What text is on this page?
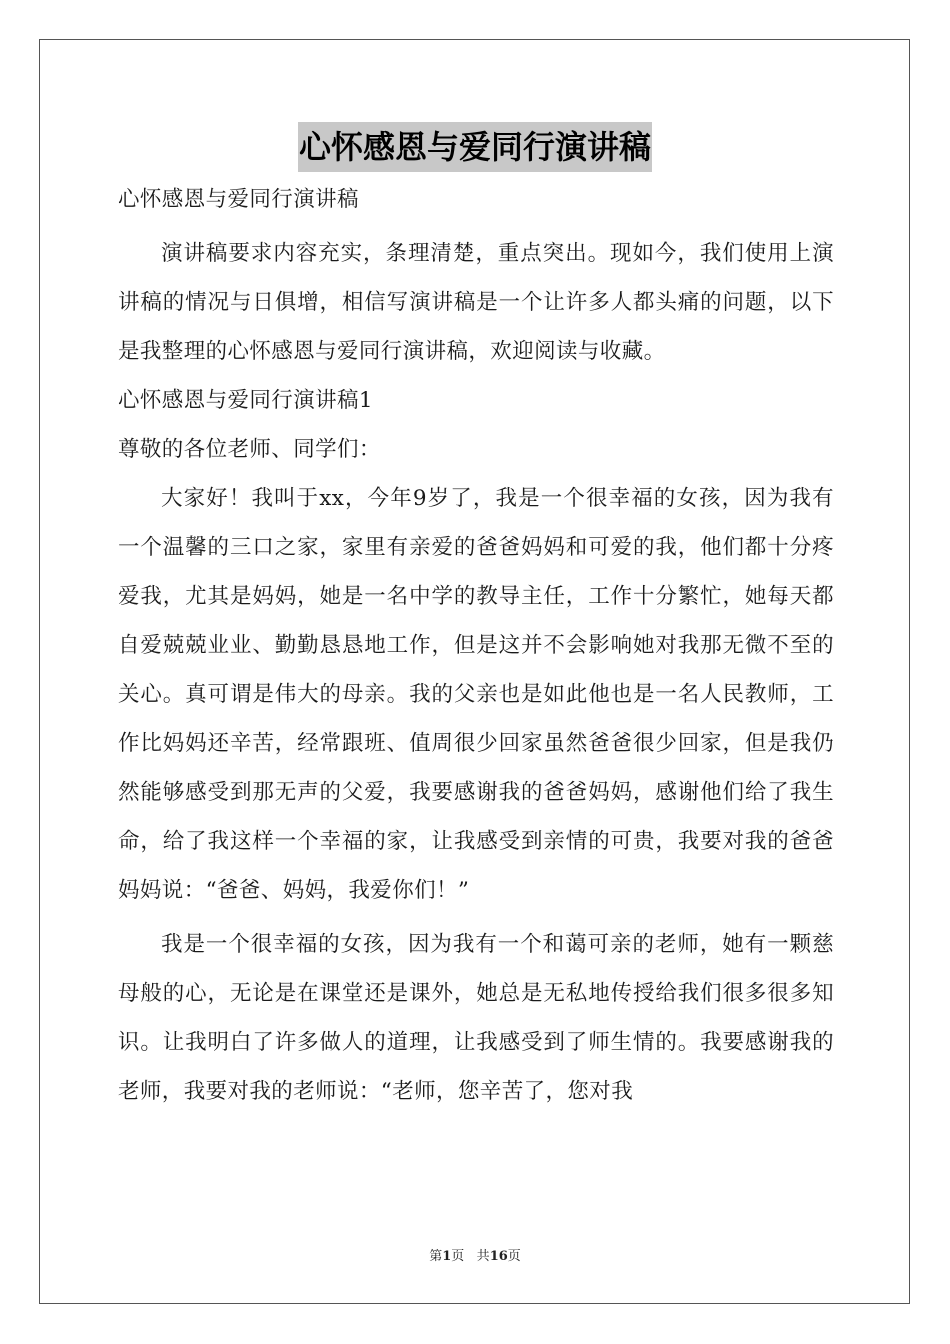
心怀感恩与爱同行演讲稿
心怀感恩与爱同行演讲稿

演讲稿要求内容充实，条理清楚，重点突出。现如今，我们使用上演讲稿的情况与日俱增，相信写演讲稿是一个让许多人都头痛的问题，以下是我整理的心怀感恩与爱同行演讲稿，欢迎阅读与收藏。

心怀感恩与爱同行演讲稿1
尊敬的各位老师、同学们：

大家好！我叫于xx，今年9岁了，我是一个很幸福的女孩，因为我有一个温馨的三口之家，家里有亲爱的爸爸妈妈和可爱的我，他们都十分疼爱我，尤其是妈妈，她是一名中学的教导主任，工作十分繁忙，她每天都自爱兢兢业业、勤勤恳恳地工作，但是这并不会影响她对我那无微不至的关心。真可谓是伟大的母亲。我的父亲也是如此他也是一名人民教师，工作比妈妈还辛苦，经常跟班、值周很少回家虽然爸爸很少回家，但是我仍然能够感受到那无声的父爱，我要感谢我的爸爸妈妈，感谢他们给了我生命，给了我这样一个幸福的家，让我感受到亲情的可贵，我要对我的爸爸妈妈说：“爸爸、妈妈，我爱你们！”

我是一个很幸福的女孩，因为我有一个和蔼可亲的老师，她有一颗慈母般的心，无论是在课堂还是课外，她总是无私地传授给我们很多很多知识。让我明白了许多做人的道理，让我感受到了师生情的。我要感谢我的老师，我要对我的老师说：“老师，您辛苦了，您对我

第1页 共16页
